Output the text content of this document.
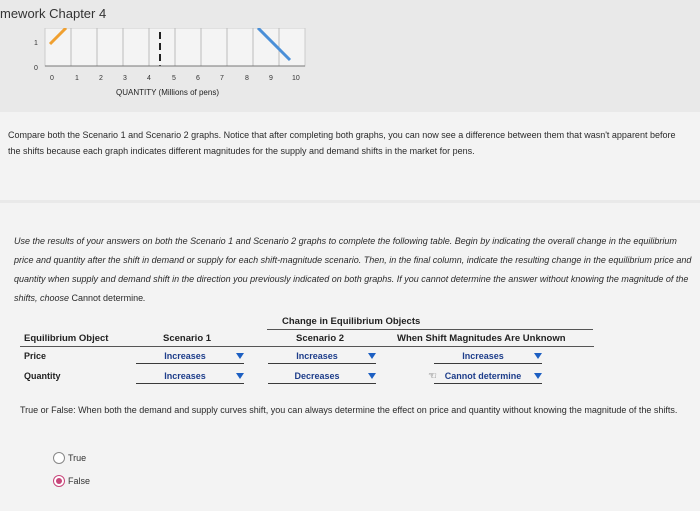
mework Chapter 4
1
0
0	1	2	3	4	5	6	7	8	9	10
QUANTITY (Millions of pens)
Compare both the Scenario 1 and Scenario 2 graphs. Notice that after completing both graphs, you can now see a difference between them that wasn't apparent before the shifts because each graph indicates different magnitudes for the supply and demand shifts in the market for pens.
Use the results of your answers on both the Scenario 1 and Scenario 2 graphs to complete the following table. Begin by indicating the overall change in the equilibrium price and quantity after the shift in demand or supply for each shift-magnitude scenario. Then, in the final column, indicate the resulting change in the equilibrium price and quantity when supply and demand shift in the direction you previously indicated on both graphs. If you cannot determine the answer without knowing the magnitude of the shifts, choose Cannot determine.
Change in Equilibrium Objects
Equilibrium Object	Scenario 1	Scenario 2	When Shift Magnitudes Are Unknown
Price	Increases	Increases	Increases
Quantity	Increases	Decreases	☜ Cannot determine
True or False: When both the demand and supply curves shift, you can always determine the effect on price and quantity without knowing the magnitude of the shifts.
True
False
